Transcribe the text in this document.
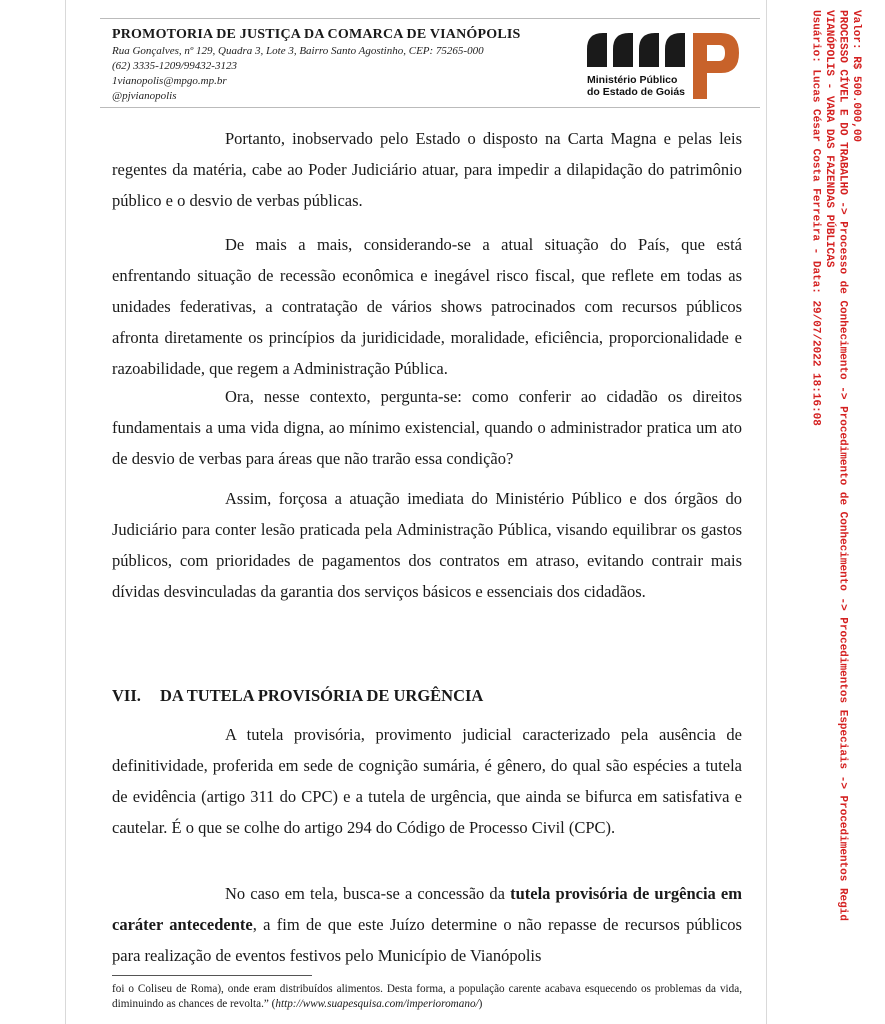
PROMOTORIA DE JUSTIÇA DA COMARCA DE VIANÓPOLIS
Rua Gonçalves, nº 129, Quadra 3, Lote 3, Bairro Santo Agostinho, CEP: 75265-000
(62) 3335-1209/99432-3123
1vianopolis@mpgo.mp.br
@pjvianopolis
Ministério Público
do Estado de Goiás

Portanto, inobservado pelo Estado o disposto na Carta Magna e pelas leis regentes da matéria, cabe ao Poder Judiciário atuar, para impedir a dilapidação do patrimônio público e o desvio de verbas públicas.

De mais a mais, considerando-se a atual situação do País, que está enfrentando situação de recessão econômica e inegável risco fiscal, que reflete em todas as unidades federativas, a contratação de vários shows patrocinados com recursos públicos afronta diretamente os princípios da juridicidade, moralidade, eficiência, proporcionalidade e razoabilidade, que regem a Administração Pública.

Ora, nesse contexto, pergunta-se: como conferir ao cidadão os direitos fundamentais a uma vida digna, ao mínimo existencial, quando o administrador pratica um ato de desvio de verbas para áreas que não trarão essa condição?

Assim, forçosa a atuação imediata do Ministério Público e dos órgãos do Judiciário para conter lesão praticada pela Administração Pública, visando equilibrar os gastos públicos, com prioridades de pagamentos dos contratos em atraso, evitando contrair mais dívidas desvinculadas da garantia dos serviços básicos e essenciais dos cidadãos.

VII. DA TUTELA PROVISÓRIA DE URGÊNCIA

A tutela provisória, provimento judicial caracterizado pela ausência de definitividade, proferida em sede de cognição sumária, é gênero, do qual são espécies a tutela de evidência (artigo 311 do CPC) e a tutela de urgência, que ainda se bifurca em satisfativa e cautelar. É o que se colhe do artigo 294 do Código de Processo Civil (CPC).

No caso em tela, busca-se a concessão da tutela provisória de urgência em caráter antecedente, a fim de que este Juízo determine o não repasse de recursos públicos para realização de eventos festivos pelo Município de Vianópolis

foi o Coliseu de Roma), onde eram distribuídos alimentos. Desta forma, a população carente acabava esquecendo os problemas da vida, diminuindo as chances de revolta.” (http://www.suapesquisa.com/imperioromano/)

Valor: R$ 500.000,00
PROCESSO CÍVEL E DO TRABALHO -> Processo de Conhecimento -> Procedimento de Conhecimento -> Procedimentos Especiais -> Procedimentos Regid
VIANÓPOLIS - VARA DAS FAZENDAS PÚBLICAS
Usuário: Lucas César Costa Ferreira - Data: 29/07/2022 18:16:08
